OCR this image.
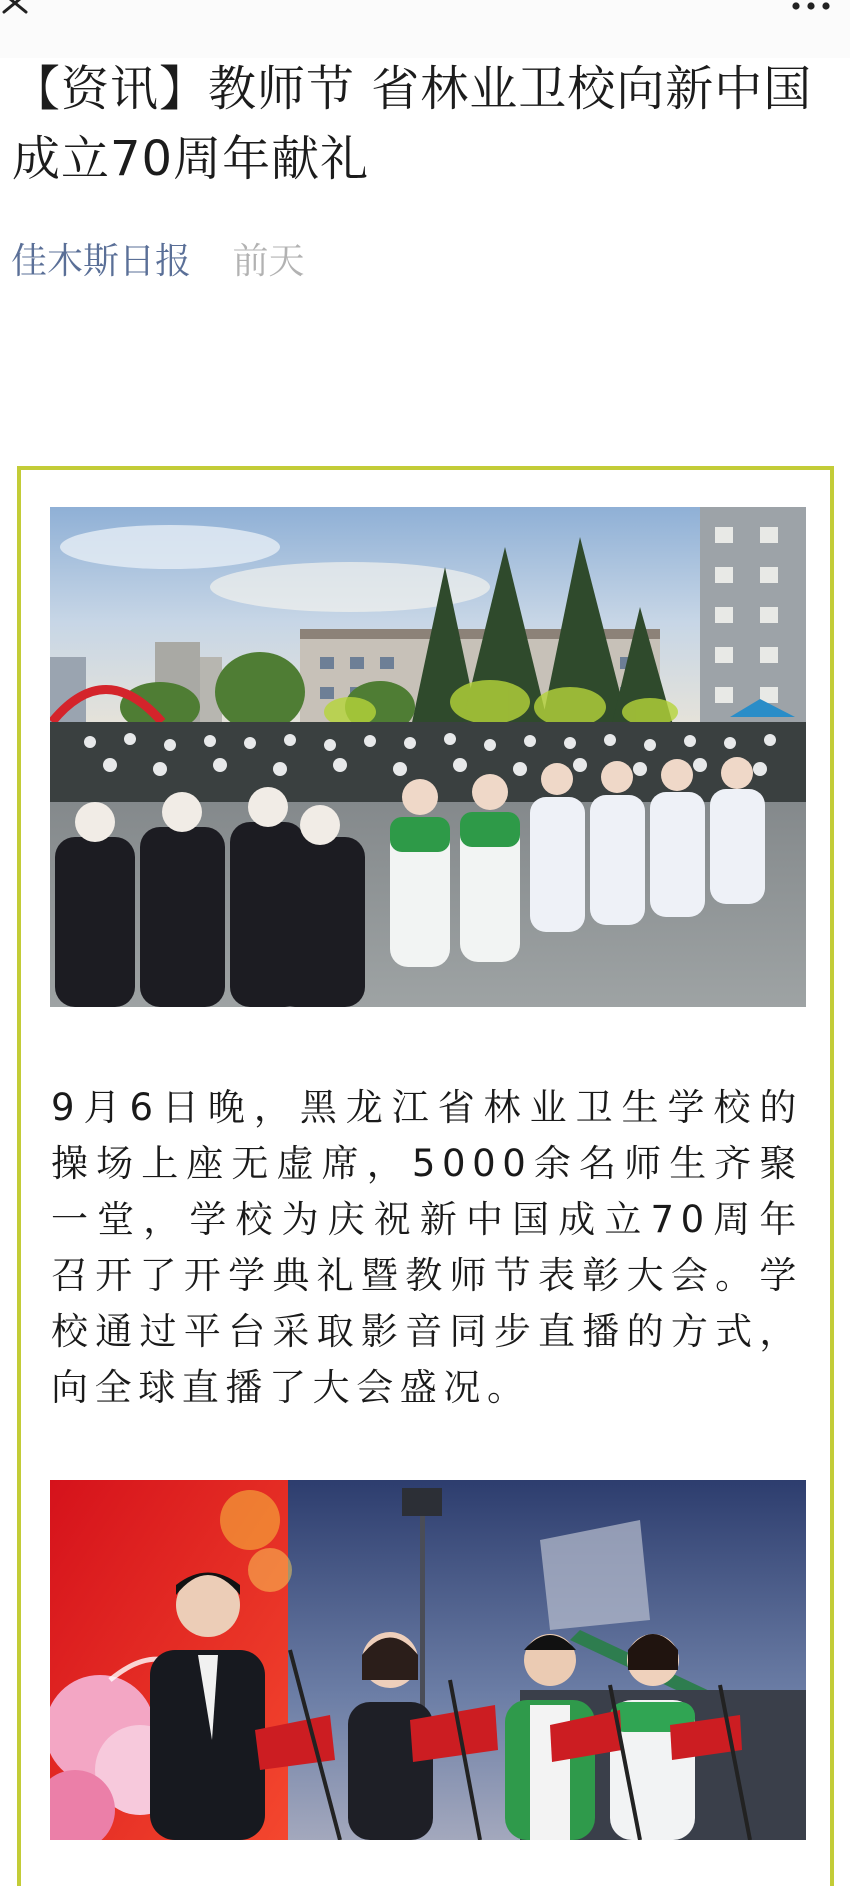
【资讯】教师节 省林业卫校向新中国成立70周年献礼
佳木斯日报 前天

9月6日晚，黑龙江省林业卫生学校的操场上座无虚席，5000余名师生齐聚一堂，学校为庆祝新中国成立70周年召开了开学典礼暨教师节表彰大会。学校通过平台采取影音同步直播的方式，向全球直播了大会盛况。
